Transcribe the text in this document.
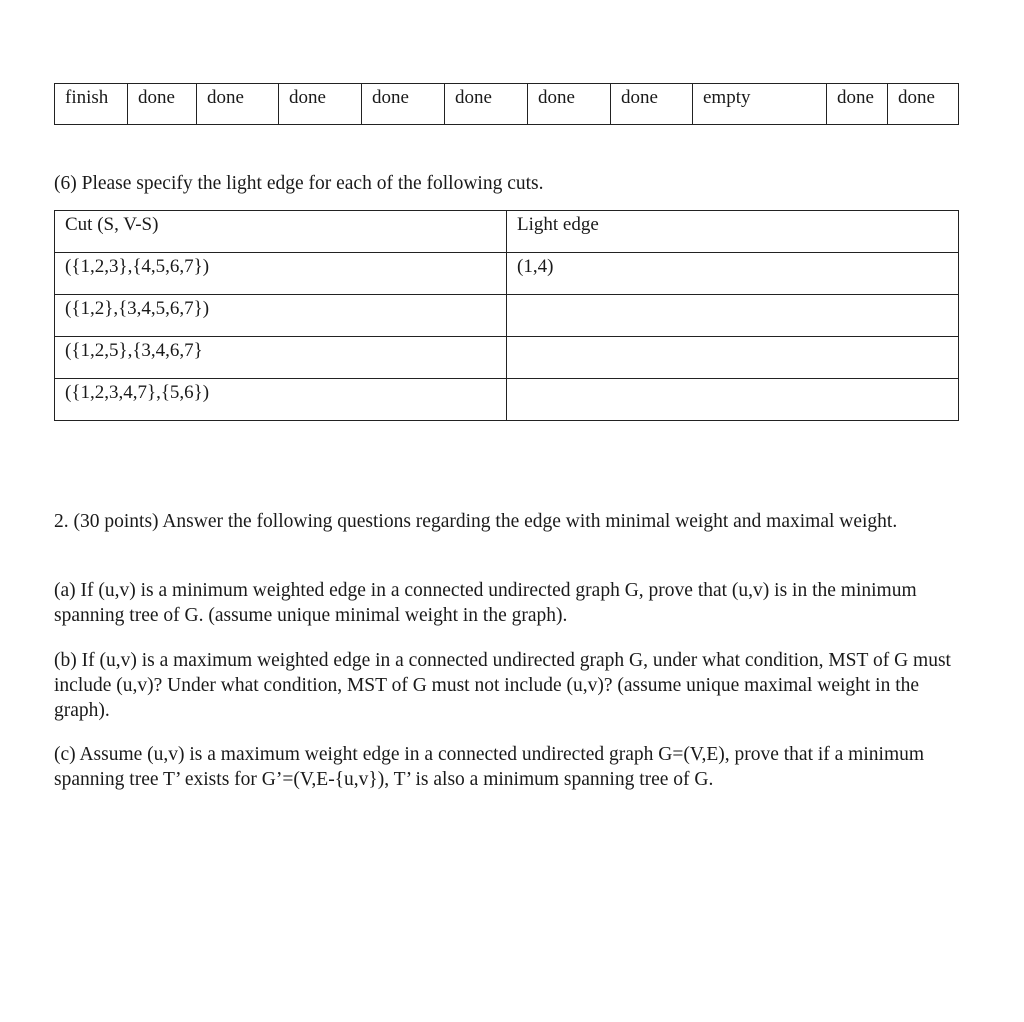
finish	done	done	done	done	done	done	done	empty	done	done

(6) Please specify the light edge for each of the following cuts.

Cut (S, V-S)	Light edge
({1,2,3},{4,5,6,7})	(1,4)
({1,2},{3,4,5,6,7})	
({1,2,5},{3,4,6,7}	
({1,2,3,4,7},{5,6})	

2. (30 points) Answer the following questions regarding the edge with minimal weight and maximal weight.

(a) If (u,v) is a minimum weighted edge in a connected undirected graph G, prove that (u,v) is in the minimum spanning tree of G. (assume unique minimal weight in the graph).

(b) If (u,v) is a maximum weighted edge in a connected undirected graph G, under what condition, MST of G must include (u,v)? Under what condition, MST of G must not include (u,v)? (assume unique maximal weight in the graph).

(c) Assume (u,v) is a maximum weight edge in a connected undirected graph G=(V,E), prove that if a minimum spanning tree T’ exists for G’=(V,E-{u,v}), T’ is also a minimum spanning tree of G.
